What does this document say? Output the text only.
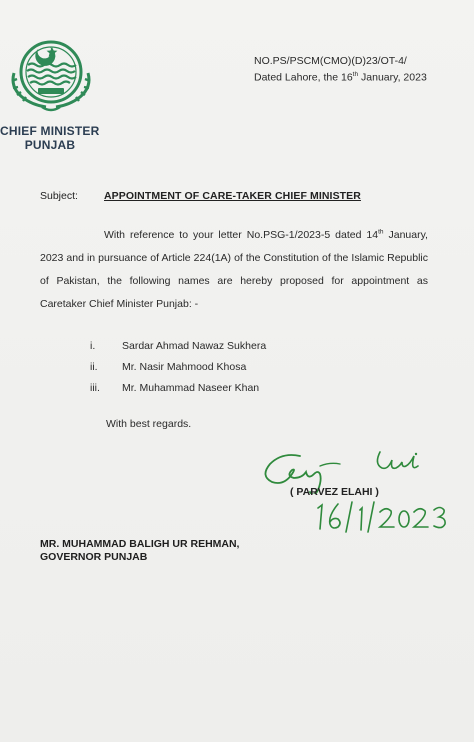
CHIEF MINISTER
PUNJAB
NO.PS/PSCM(CMO)(D)23/OT-4/
Dated Lahore, the 16th January, 2023
Subject: APPOINTMENT OF CARE-TAKER CHIEF MINISTER
With reference to your letter No.PSG-1/2023-5 dated 14th January, 2023 and in pursuance of Article 224(1A) of the Constitution of the Islamic Republic of Pakistan, the following names are hereby proposed for appointment as Caretaker Chief Minister Punjab: -
i.	Sardar Ahmad Nawaz Sukhera
ii.	Mr. Nasir Mahmood Khosa
iii.	Mr. Muhammad Naseer Khan
With best regards.
( PARVEZ ELAHI )
MR. MUHAMMAD BALIGH UR REHMAN,
GOVERNOR PUNJAB
